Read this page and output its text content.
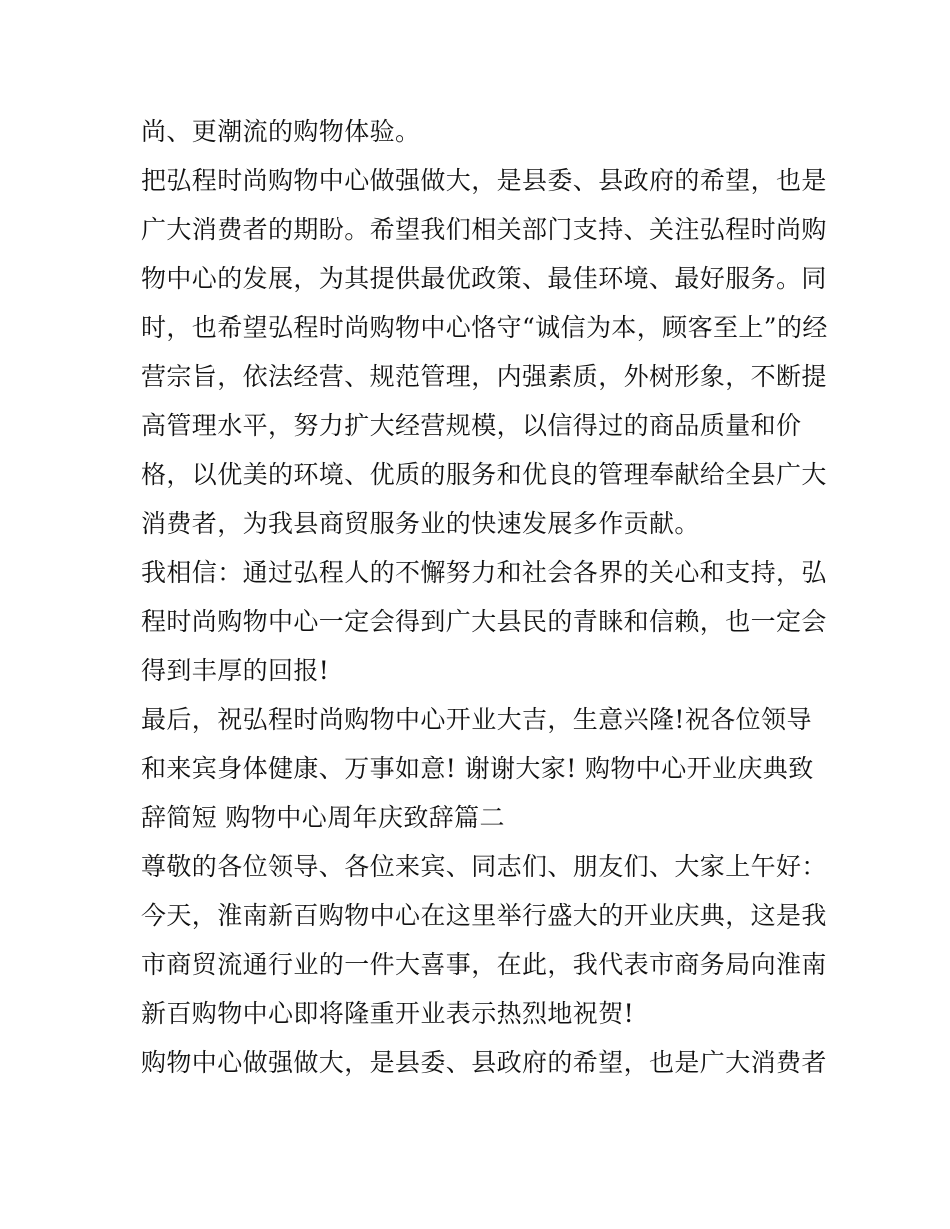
尚、更潮流的购物体验。
把弘程时尚购物中心做强做大，是县委、县政府的希望，也是
广大消费者的期盼。希望我们相关部门支持、关注弘程时尚购
物中心的发展，为其提供最优政策、最佳环境、最好服务。同
时，也希望弘程时尚购物中心恪守“诚信为本，顾客至上”的经
营宗旨，依法经营、规范管理，内强素质，外树形象，不断提
高管理水平，努力扩大经营规模，以信得过的商品质量和价
格，以优美的环境、优质的服务和优良的管理奉献给全县广大
消费者，为我县商贸服务业的快速发展多作贡献。
我相信：通过弘程人的不懈努力和社会各界的关心和支持，弘
程时尚购物中心一定会得到广大县民的青睐和信赖，也一定会
得到丰厚的回报!
最后，祝弘程时尚购物中心开业大吉，生意兴隆!祝各位领导
和来宾身体健康、万事如意! 谢谢大家! 购物中心开业庆典致
辞简短 购物中心周年庆致辞篇二
尊敬的各位领导、各位来宾、同志们、朋友们、大家上午好：
今天，淮南新百购物中心在这里举行盛大的开业庆典，这是我
市商贸流通行业的一件大喜事，在此，我代表市商务局向淮南
新百购物中心即将隆重开业表示热烈地祝贺!
购物中心做强做大，是县委、县政府的希望，也是广大消费者
